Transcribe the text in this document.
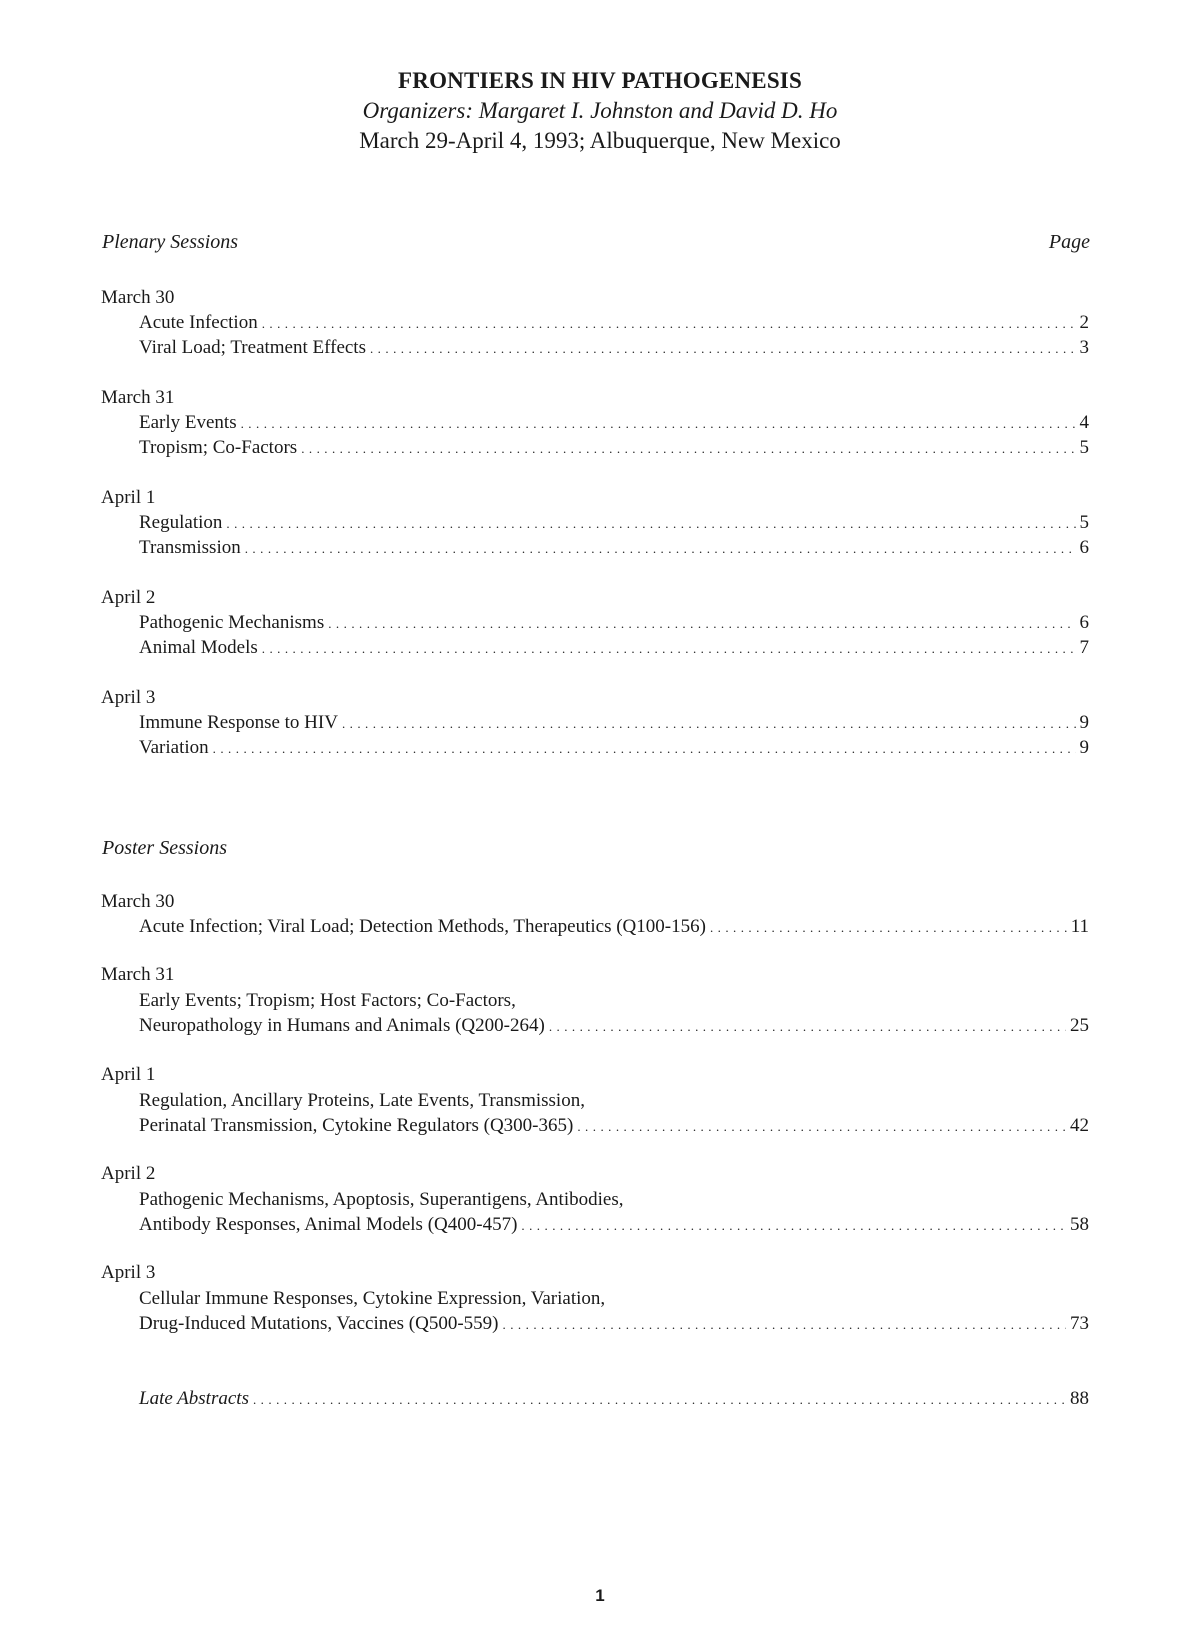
FRONTIERS IN HIV PATHOGENESIS
Organizers: Margaret I. Johnston and David D. Ho
March 29-April 4, 1993; Albuquerque, New Mexico
Plenary Sessions	Page
March 30
Acute Infection . . .	2
Viral Load; Treatment Effects . . .	3
March 31
Early Events . . .	4
Tropism; Co-Factors . . .	5
April 1
Regulation . . .	5
Transmission . . .	6
April 2
Pathogenic Mechanisms . . .	6
Animal Models . . .	7
April 3
Immune Response to HIV . . .	9
Variation . . .	9
Poster Sessions
March 30
Acute Infection; Viral Load; Detection Methods, Therapeutics (Q100-156) . . .	11
March 31
Early Events; Tropism; Host Factors; Co-Factors,
Neuropathology in Humans and Animals (Q200-264) . . .	25
April 1
Regulation, Ancillary Proteins, Late Events, Transmission,
Perinatal Transmission, Cytokine Regulators (Q300-365) . . .	42
April 2
Pathogenic Mechanisms, Apoptosis, Superantigens, Antibodies,
Antibody Responses, Animal Models (Q400-457) . . .	58
April 3
Cellular Immune Responses, Cytokine Expression, Variation,
Drug-Induced Mutations, Vaccines (Q500-559) . . .	73
Late Abstracts . . .	88
1
